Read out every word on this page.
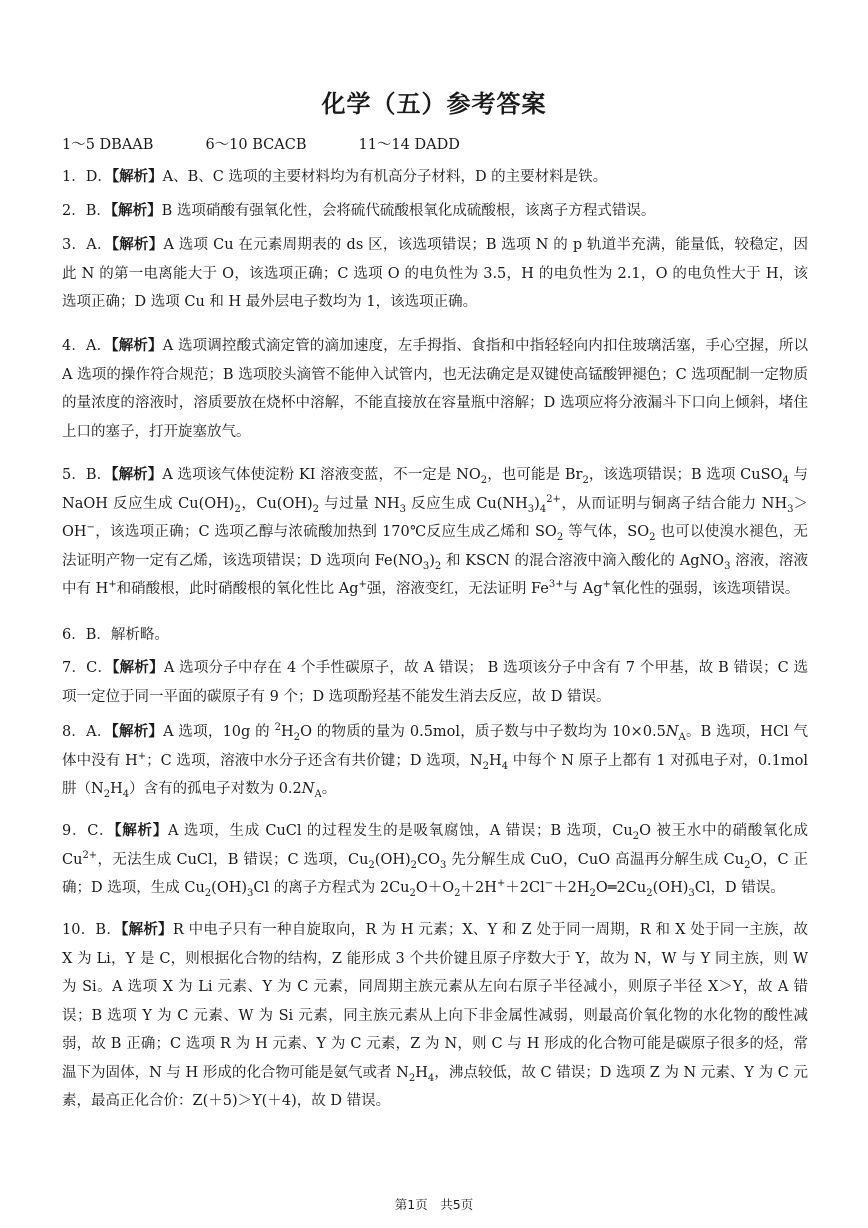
化学（五）参考答案
1～5 DBAAB	6～10 BCACB	11～14 DADD
1．D．【解析】A、B、C 选项的主要材料均为有机高分子材料，D 的主要材料是铁。
2．B．【解析】B 选项硝酸有强氧化性，会将硫代硫酸根氧化成硫酸根，该离子方程式错误。
3．A．【解析】A 选项 Cu 在元素周期表的 ds 区，该选项错误；B 选项 N 的 p 轨道半充满，能量低，较稳定，因此 N 的第一电离能大于 O，该选项正确；C 选项 O 的电负性为 3.5，H 的电负性为 2.1，O 的电负性大于 H，该选项正确；D 选项 Cu 和 H 最外层电子数均为 1，该选项正确。
4．A．【解析】A 选项调控酸式滴定管的滴加速度，左手拇指、食指和中指轻轻向内扣住玻璃活塞，手心空握，所以 A 选项的操作符合规范；B 选项胶头滴管不能伸入试管内，也无法确定是双键使高锰酸钾褪色；C 选项配制一定物质的量浓度的溶液时，溶质要放在烧杯中溶解，不能直接放在容量瓶中溶解；D 选项应将分液漏斗下口向上倾斜，堵住上口的塞子，打开旋塞放气。
5．B．【解析】A 选项该气体使淀粉 KI 溶液变蓝，不一定是 $NO_2$，也可能是 $Br_2$，该选项错误；B 选项 CuSO$_4$ 与 NaOH 反应生成 $Cu(OH)_2$，$Cu(OH)_2$ 与过量 $NH_3$ 反应生成 $Cu(NH_3)_4^{2+}$，从而证明与铜离子结合能力 $NH_3>OH^-$，该选项正确；C 选项乙醇与浓硫酸加热到 170℃反应生成乙烯和 $SO_2$ 等气体，$SO_2$ 也可以使溴水褪色，无法证明产物一定有乙烯，该选项错误；D 选项向 $Fe(NO_3)_2$ 和 KSCN 的混合溶液中滴入酸化的 AgNO$_3$ 溶液，溶液中有 H+和硝酸根，此时硝酸根的氧化性比 Ag+强，溶液变红，无法证明 $Fe^{3+}$与 Ag+氧化性的强弱，该选项错误。
6．B．解析略。
7．C．【解析】A 选项分子中存在 4 个手性碳原子，故 A 错误； B 选项该分子中含有 7 个甲基，故 B 错误；C 选项一定位于同一平面的碳原子有 9 个；D 选项酚羟基不能发生消去反应，故 D 错误。
8．A．【解析】A 选项，10g 的 $^2H_2O$ 的物质的量为 0.5mol，质子数与中子数均为 $10\times 0.5N_A$。B 选项，HCl 气体中没有 H+；C 选项，溶液中水分子还含有共价键；D 选项，$N_2H_4$ 中每个 N 原子上都有 1 对孤电子对，0.1mol 肼$(N_2H_4)$含有的孤电子对数为 $0.2N_A$。
9．C．【解析】A 选项，生成 CuCl 的过程发生的是吸氧腐蚀，A 错误；B 选项，$Cu_2O$ 被王水中的硝酸氧化成 $Cu^{2+}$，无法生成 CuCl，B 错误；C 选项，$Cu_2(OH)_2CO_3$ 先分解生成 CuO，CuO 高温再分解生成 $Cu_2O$，C 正确；D 选项，生成 $Cu_2(OH)_3Cl$ 的离子方程式为 $2Cu_2O+O_2+2H^++2Cl^-+2H_2O═2Cu_2(OH)_3Cl$，D 错误。
10．B．【解析】R 中电子只有一种自旋取向，R 为 H 元素；X、Y 和 Z 处于同一周期，R 和 X 处于同一主族，故 X 为 Li，Y 是 C，则根据化合物的结构，Z 能形成 3 个共价键且原子序数大于 Y，故为 N，W 与 Y 同主族，则 W 为 Si。A 选项 X 为 Li 元素、Y 为 C 元素，同周期主族元素从左向右原子半径减小，则原子半径 X＞Y，故 A 错误；B 选项 Y 为 C 元素、W 为 Si 元素，同主族元素从上向下非金属性减弱，则最高价氧化物的水化物的酸性减弱，故 B 正确；C 选项 R 为 H 元素、Y 为 C 元素，Z 为 N，则 C 与 H 形成的化合物可能是碳原子很多的烃，常温下为固体，N 与 H 形成的化合物可能是氨气或者 $N_2H_4$，沸点较低，故 C 错误；D 选项 Z 为 N 元素、Y 为 C 元素，最高正化合价：Z(＋5)＞Y(＋4)，故 D 错误。
第1页　共5页
